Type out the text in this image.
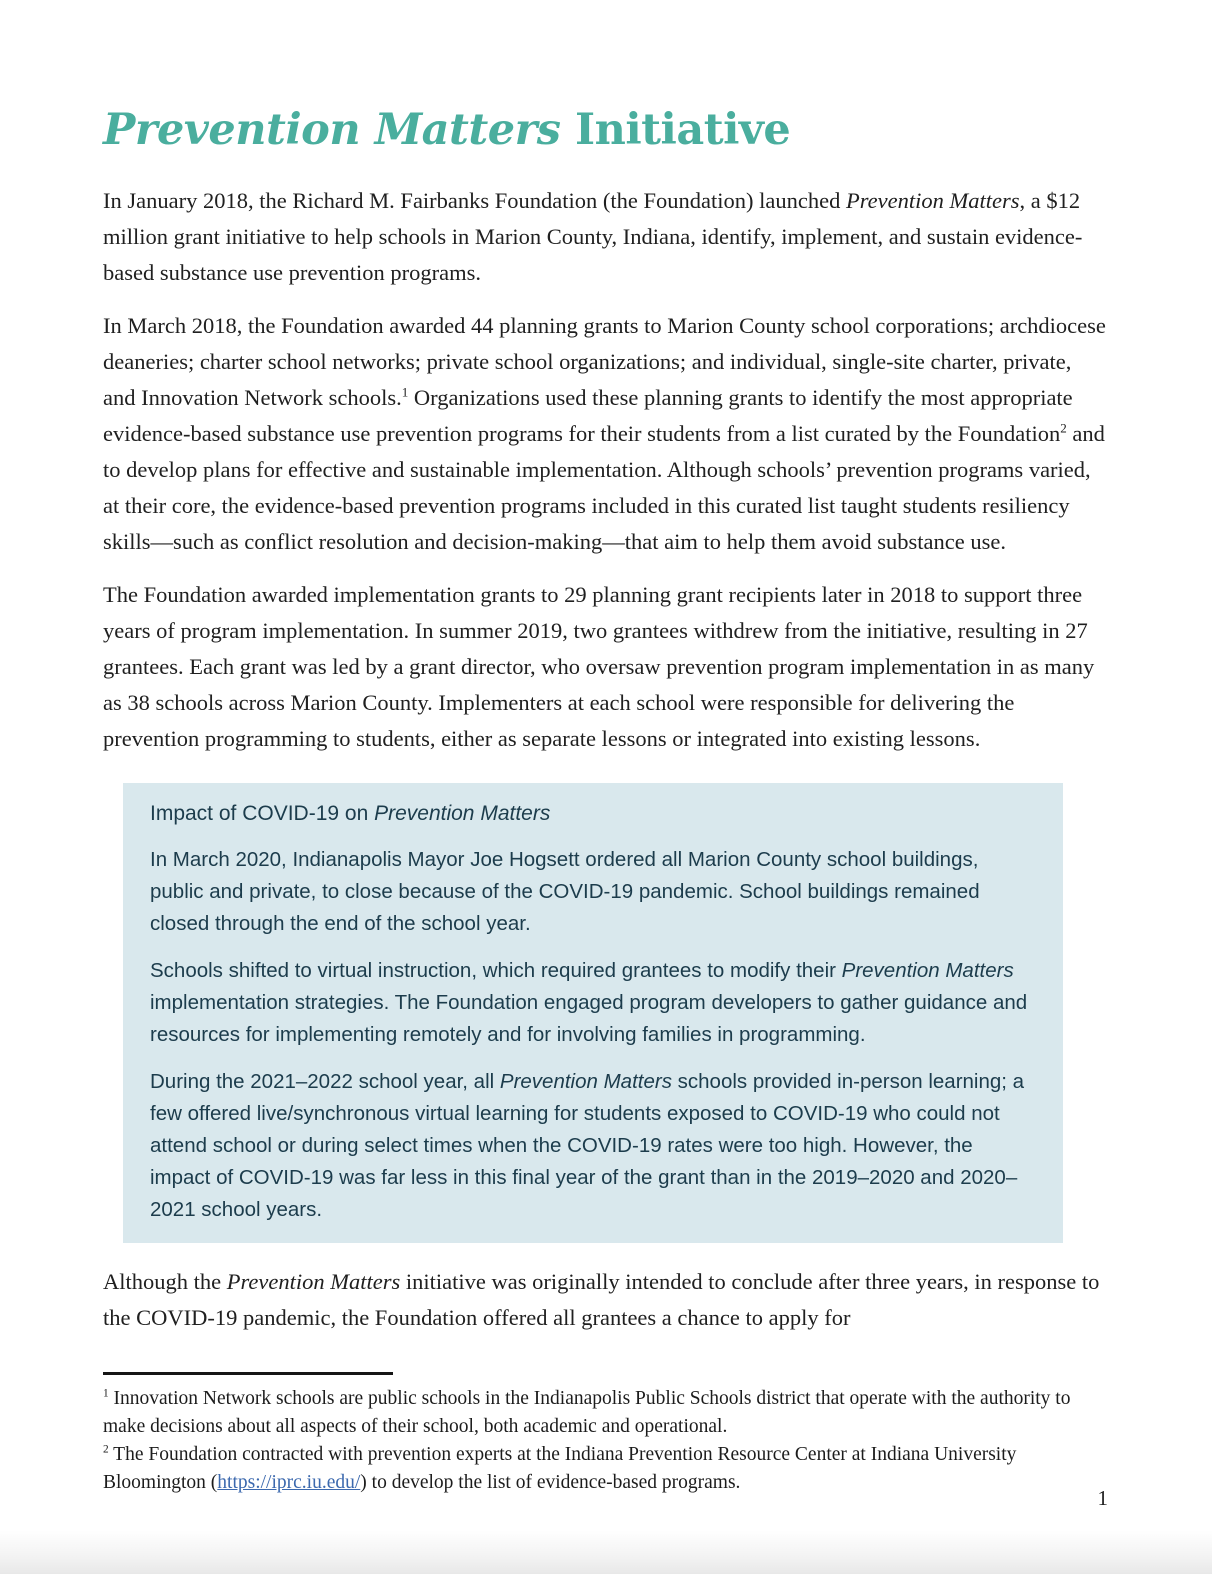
Prevention Matters Initiative

In January 2018, the Richard M. Fairbanks Foundation (the Foundation) launched Prevention Matters, a $12 million grant initiative to help schools in Marion County, Indiana, identify, implement, and sustain evidence-based substance use prevention programs.

In March 2018, the Foundation awarded 44 planning grants to Marion County school corporations; archdiocese deaneries; charter school networks; private school organizations; and individual, single-site charter, private, and Innovation Network schools.$^1$ Organizations used these planning grants to identify the most appropriate evidence-based substance use prevention programs for their students from a list curated by the Foundation$^2$ and to develop plans for effective and sustainable implementation. Although schools’ prevention programs varied, at their core, the evidence-based prevention programs included in this curated list taught students resiliency skills—such as conflict resolution and decision-making—that aim to help them avoid substance use.

The Foundation awarded implementation grants to 29 planning grant recipients later in 2018 to support three years of program implementation. In summer 2019, two grantees withdrew from the initiative, resulting in 27 grantees. Each grant was led by a grant director, who oversaw prevention program implementation in as many as 38 schools across Marion County. Implementers at each school were responsible for delivering the prevention programming to students, either as separate lessons or integrated into existing lessons.

Impact of COVID-19 on Prevention Matters

In March 2020, Indianapolis Mayor Joe Hogsett ordered all Marion County school buildings, public and private, to close because of the COVID-19 pandemic. School buildings remained closed through the end of the school year.

Schools shifted to virtual instruction, which required grantees to modify their Prevention Matters implementation strategies. The Foundation engaged program developers to gather guidance and resources for implementing remotely and for involving families in programming.

During the 2021–2022 school year, all Prevention Matters schools provided in-person learning; a few offered live/synchronous virtual learning for students exposed to COVID-19 who could not attend school or during select times when the COVID-19 rates were too high. However, the impact of COVID-19 was far less in this final year of the grant than in the 2019–2020 and 2020–2021 school years.

Although the Prevention Matters initiative was originally intended to conclude after three years, in response to the COVID-19 pandemic, the Foundation offered all grantees a chance to apply for

$^1$ Innovation Network schools are public schools in the Indianapolis Public Schools district that operate with the authority to make decisions about all aspects of their school, both academic and operational.

$^2$ The Foundation contracted with prevention experts at the Indiana Prevention Resource Center at Indiana University Bloomington (https://iprc.iu.edu/) to develop the list of evidence-based programs.

1
